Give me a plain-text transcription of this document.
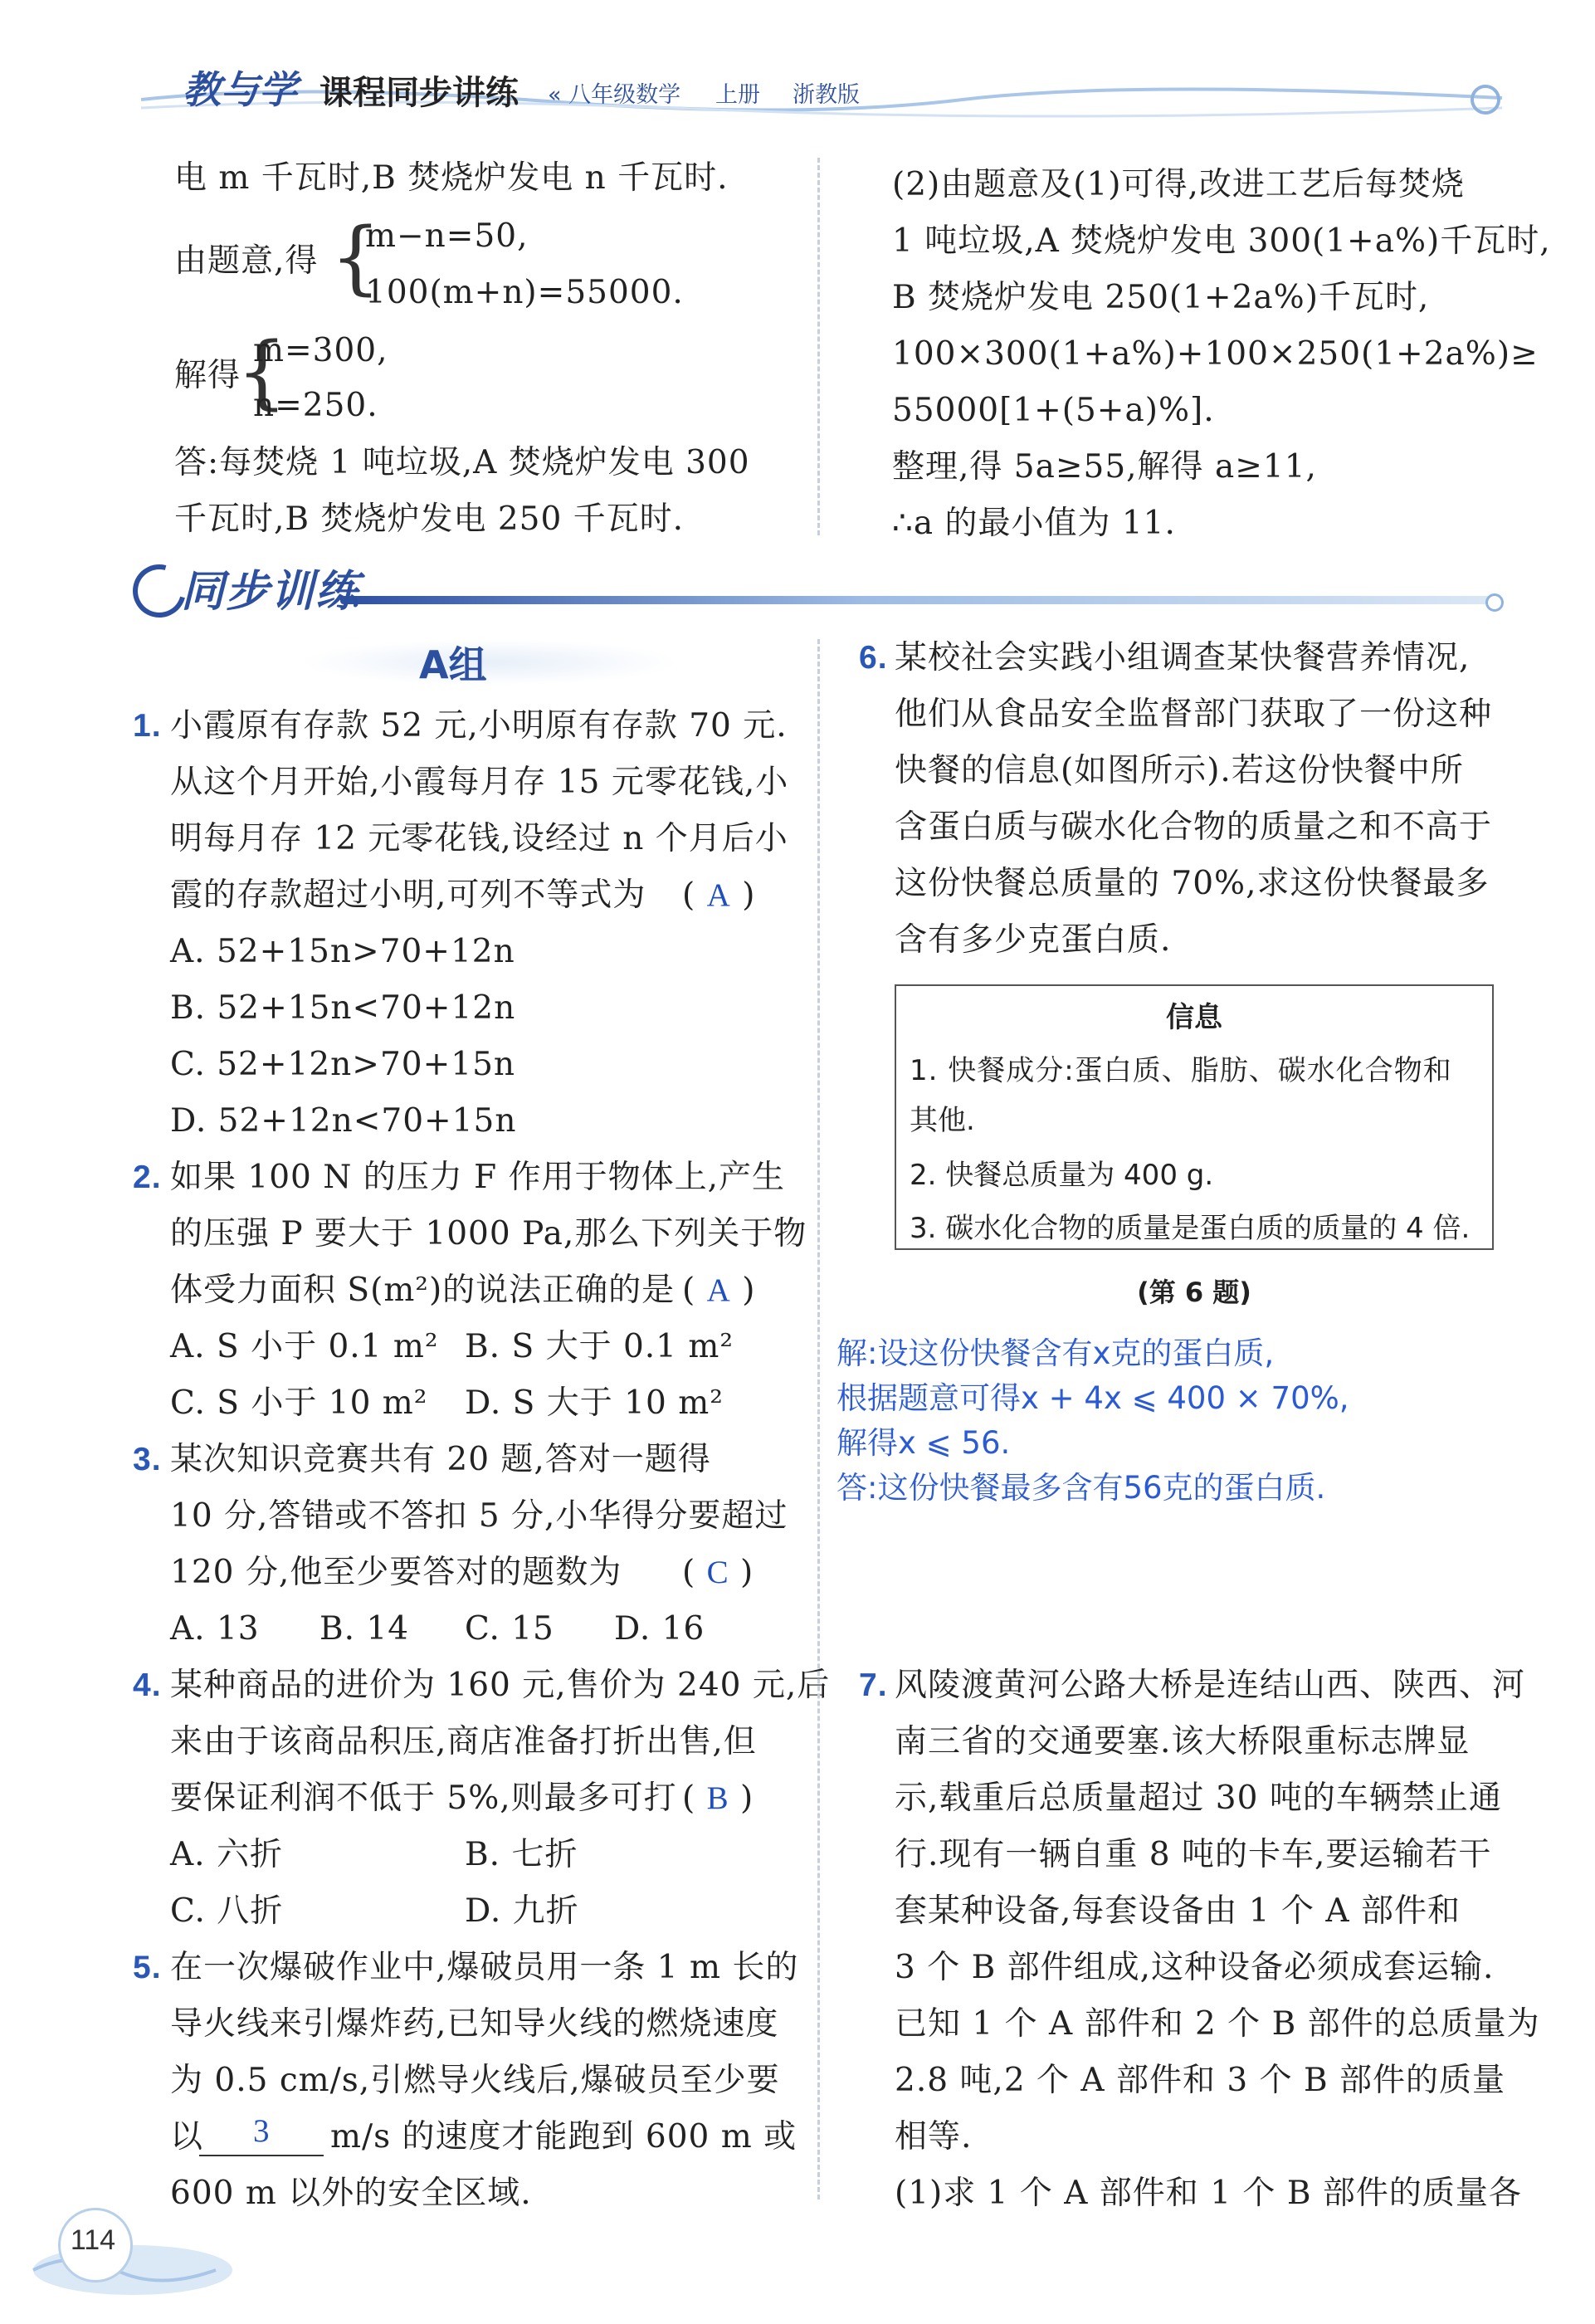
教与学 课程同步讲练 « 八年级数学 上册 浙教版
电 m 千瓦时,B 焚烧炉发电 n 千瓦时.
由题意,得 {
m−n=50,
100(m+n)=55000.
解得
{
m=300,
n=250.
答:每焚烧 1 吨垃圾,A 焚烧炉发电 300
千瓦时,B 焚烧炉发电 250 千瓦时.
(2)由题意及(1)可得,改进工艺后每焚烧
1 吨垃圾,A 焚烧炉发电 300(1+a%)千瓦时,
B 焚烧炉发电 250(1+2a%)千瓦时,
100×300(1+a%)+100×250(1+2a%)≥
55000[1+(5+a)%].
整理,得 5a≥55,解得 a≥11,
∴a 的最小值为 11.
同步训练
A组
1. 小霞原有存款 52 元,小明原有存款 70 元.
从这个月开始,小霞每月存 15 元零花钱,小
明每月存 12 元零花钱,设经过 n 个月后小
霞的存款超过小明,可列不等式为 ( A )
A. 52+15n>70+12n
B. 52+15n<70+12n
C. 52+12n>70+15n
D. 52+12n<70+15n
2. 如果 100 N 的压力 F 作用于物体上,产生
的压强 P 要大于 1000 Pa,那么下列关于物
体受力面积 S(m²)的说法正确的是 ( A )
A. S 小于 0.1 m² B. S 大于 0.1 m²
C. S 小于 10 m² D. S 大于 10 m²
3. 某次知识竞赛共有 20 题,答对一题得
10 分,答错或不答扣 5 分,小华得分要超过
120 分,他至少要答对的题数为 ( C )
A. 13 B. 14 C. 15 D. 16
4. 某种商品的进价为 160 元,售价为 240 元,后
来由于该商品积压,商店准备打折出售,但
要保证利润不低于 5%,则最多可打 ( B )
A. 六折	B. 七折
C. 八折	D. 九折
5. 在一次爆破作业中,爆破员用一条 1 m 长的
导火线来引爆炸药,已知导火线的燃烧速度
为 0.5 cm/s,引燃导火线后,爆破员至少要
以 3 m/s 的速度才能跑到 600 m 或
600 m 以外的安全区域.
6. 某校社会实践小组调查某快餐营养情况,
他们从食品安全监督部门获取了一份这种
快餐的信息(如图所示).若这份快餐中所
含蛋白质与碳水化合物的质量之和不高于
这份快餐总质量的 70%,求这份快餐最多
含有多少克蛋白质.
信息
1. 快餐成分:蛋白质、脂肪、碳水化合物和
其他.
2. 快餐总质量为 400 g.
3. 碳水化合物的质量是蛋白质的质量的 4 倍.
(第 6 题)
解:设这份快餐含有x克的蛋白质,
根据题意可得x + 4x ⩽ 400 × 70%,
解得x ⩽ 56.
答:这份快餐最多含有56克的蛋白质.
7. 风陵渡黄河公路大桥是连结山西、陕西、河
南三省的交通要塞.该大桥限重标志牌显
示,载重后总质量超过 30 吨的车辆禁止通
行.现有一辆自重 8 吨的卡车,要运输若干
套某种设备,每套设备由 1 个 A 部件和
3 个 B 部件组成,这种设备必须成套运输.
已知 1 个 A 部件和 2 个 B 部件的总质量为
2.8 吨,2 个 A 部件和 3 个 B 部件的质量
相等.
(1)求 1 个 A 部件和 1 个 B 部件的质量各
114
